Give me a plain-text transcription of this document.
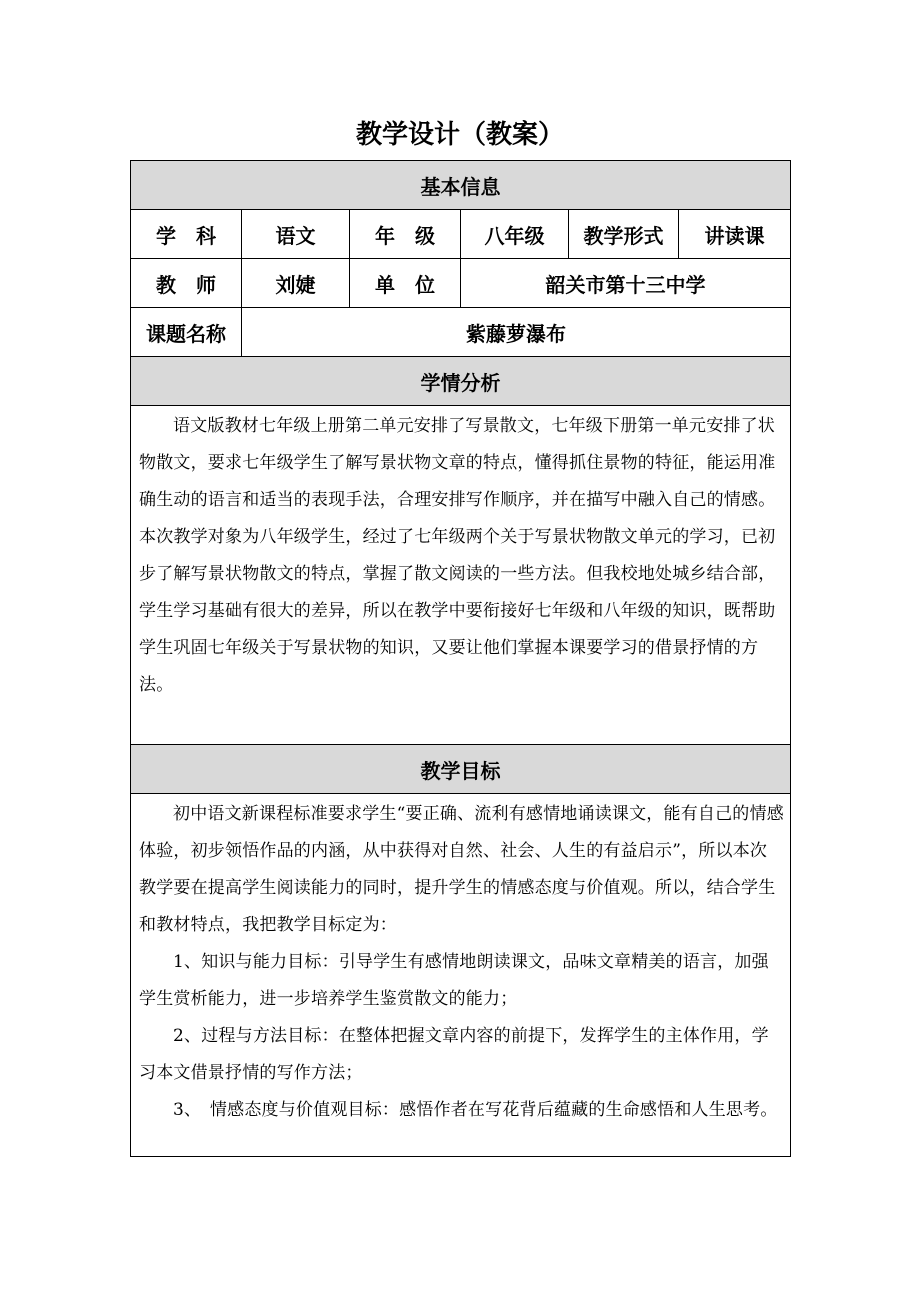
教学设计（教案）
基本信息					
学　科	语文	年　级	八年级	教学形式	讲读课
教　师	刘婕	单　位	韶关市第十三中学		
课题名称	紫藤萝瀑布				
学情分析					

语文版教材七年级上册第二单元安排了写景散文，七年级下册第一单元安排了状物散文，要求七年级学生了解写景状物文章的特点，懂得抓住景物的特征，能运用准确生动的语言和适当的表现手法，合理安排写作顺序，并在描写中融入自己的情感。本次教学对象为八年级学生，经过了七年级两个关于写景状物散文单元的学习，已初步了解写景状物散文的特点，掌握了散文阅读的一些方法。但我校地处城乡结合部，学生学习基础有很大的差异，所以在教学中要衔接好七年级和八年级的知识，既帮助学生巩固七年级关于写景状物的知识，又要让他们掌握本课要学习的借景抒情的方法。					

教学目标					

初中语文新课程标准要求学生“要正确、流利有感情地诵读课文，能有自己的情感体验，初步领悟作品的内涵，从中获得对自然、社会、人生的有益启示”，所以本次教学要在提高学生阅读能力的同时，提升学生的情感态度与价值观。所以，结合学生和教材特点，我把教学目标定为：

1、知识与能力目标：引导学生有感情地朗读课文，品味文章精美的语言，加强学生赏析能力，进一步培养学生鉴赏散文的能力；

2、过程与方法目标：在整体把握文章内容的前提下，发挥学生的主体作用，学习本文借景抒情的写作方法；

3、　情感态度与价值观目标：感悟作者在写花背后蕴藏的生命感悟和人生思考。					
